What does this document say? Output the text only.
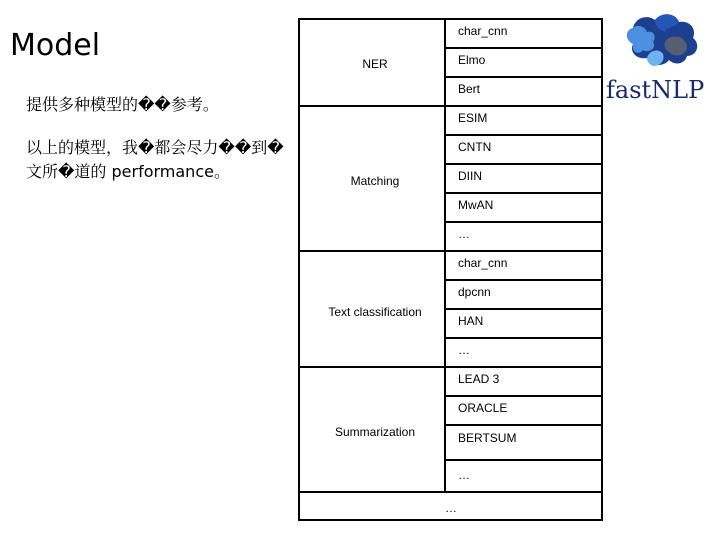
Model
提供多种模型的��参考。
以上的模型，我�都会尽力��到�文所�道的 performance。
fastNLP
NER
Matching
Text classification
Summarization
char_cnn
Elmo
Bert
ESIM
CNTN
DIIN
MwAN
…
char_cnn
dpcnn
HAN
…
LEAD 3
ORACLE
BERTSUM
…
…
